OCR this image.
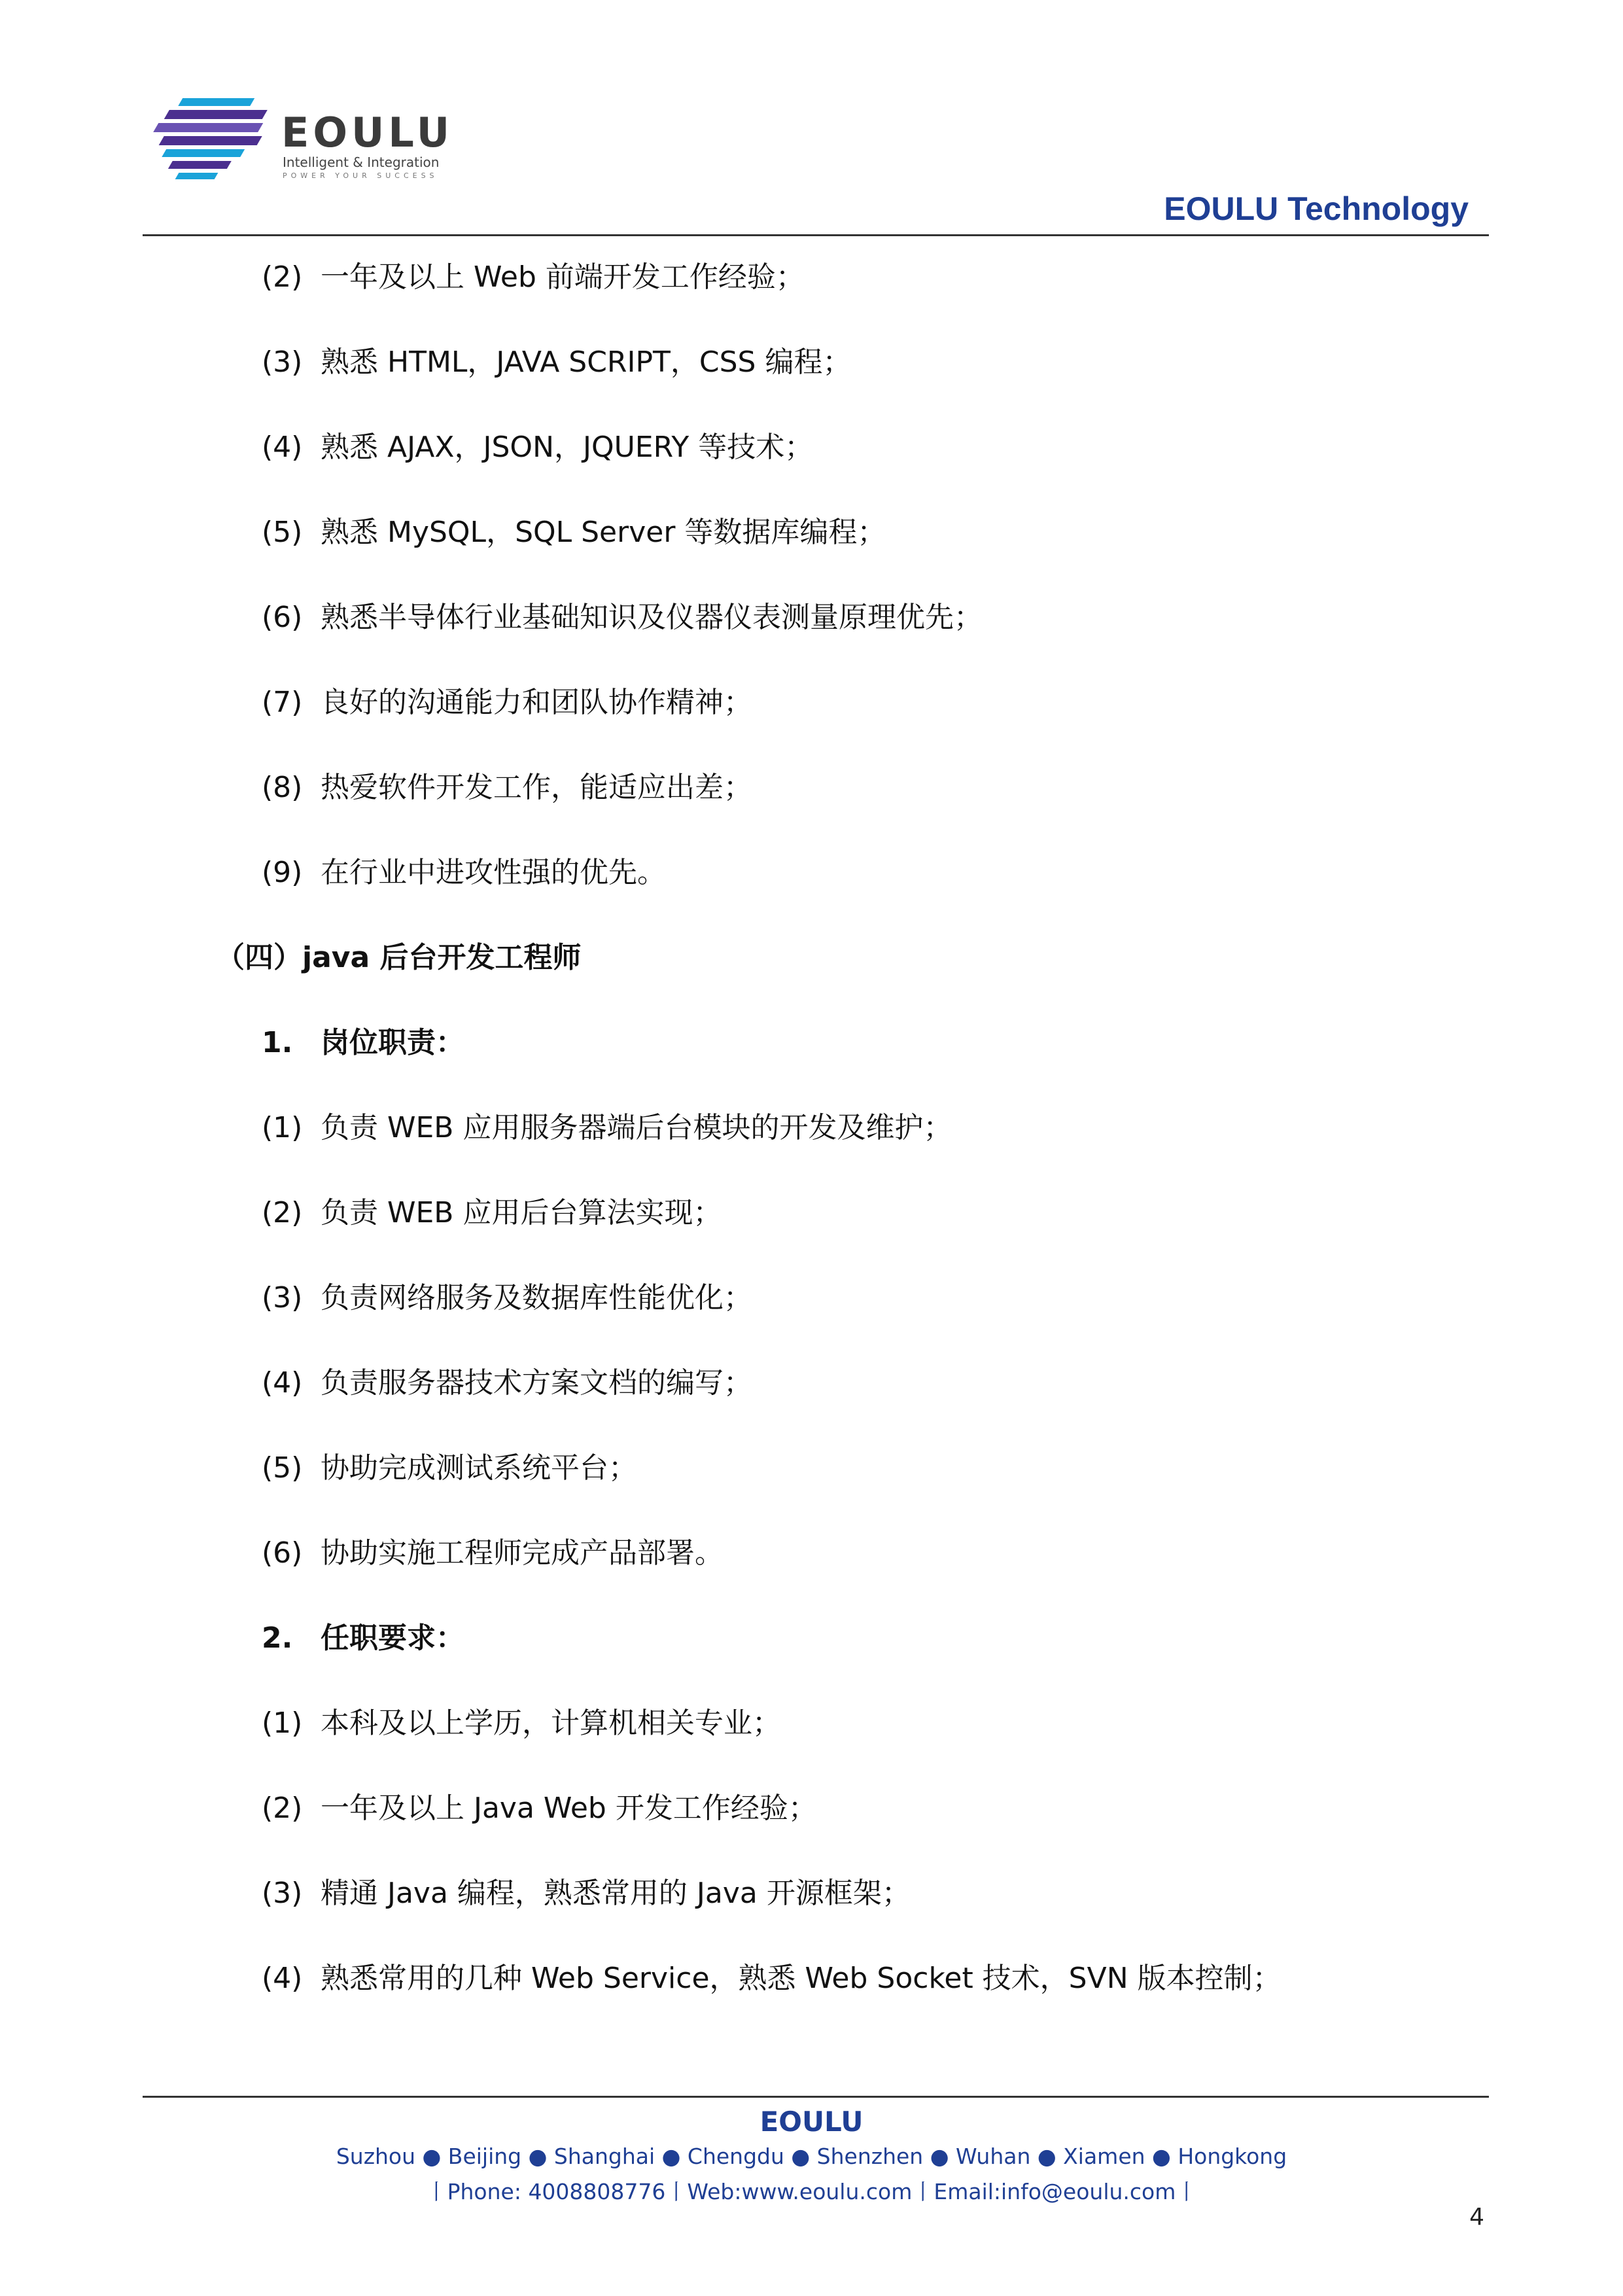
EOULU
Intelligent & Integration
POWER YOUR SUCCESS
EOULU Technology
(2) 一年及以上 Web 前端开发工作经验；
(3) 熟悉 HTML，JAVA SCRIPT，CSS 编程；
(4) 熟悉 AJAX，JSON，JQUERY 等技术；
(5) 熟悉 MySQL，SQL Server 等数据库编程；
(6) 熟悉半导体行业基础知识及仪器仪表测量原理优先；
(7) 良好的沟通能力和团队协作精神；
(8) 热爱软件开发工作，能适应出差；
(9) 在行业中进攻性强的优先。
（四）java 后台开发工程师
1. 岗位职责：
(1) 负责 WEB 应用服务器端后台模块的开发及维护；
(2) 负责 WEB 应用后台算法实现；
(3) 负责网络服务及数据库性能优化；
(4) 负责服务器技术方案文档的编写；
(5) 协助完成测试系统平台；
(6) 协助实施工程师完成产品部署。
2. 任职要求：
(1) 本科及以上学历，计算机相关专业；
(2) 一年及以上 Java Web 开发工作经验；
(3) 精通 Java 编程，熟悉常用的 Java 开源框架；
(4) 熟悉常用的几种 Web Service，熟悉 Web Socket 技术，SVN 版本控制；
EOULU
Suzhou ● Beijing ● Shanghai ● Chengdu ● Shenzhen ● Wuhan ● Xiamen ● Hongkong
丨Phone: 4008808776丨Web:www.eoulu.com丨Email:info@eoulu.com丨
4
